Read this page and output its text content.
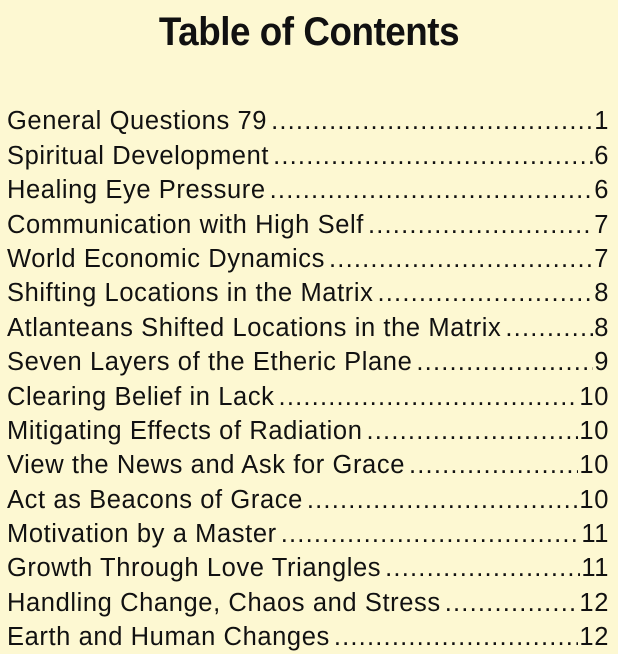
Table of Contents
General Questions 79 .....	1
Spiritual Development .....	6
Healing Eye Pressure .....	6
Communication with High Self .....	7
World Economic Dynamics .....	7
Shifting Locations in the Matrix .....	8
Atlanteans Shifted Locations in the Matrix .....	8
Seven Layers of the Etheric Plane .....	9
Clearing Belief in Lack .....	10
Mitigating Effects of Radiation .....	10
View the News and Ask for Grace .....	10
Act as Beacons of Grace .....	10
Motivation by a Master .....	11
Growth Through Love Triangles .....	11
Handling Change, Chaos and Stress .....	12
Earth and Human Changes .....	12
